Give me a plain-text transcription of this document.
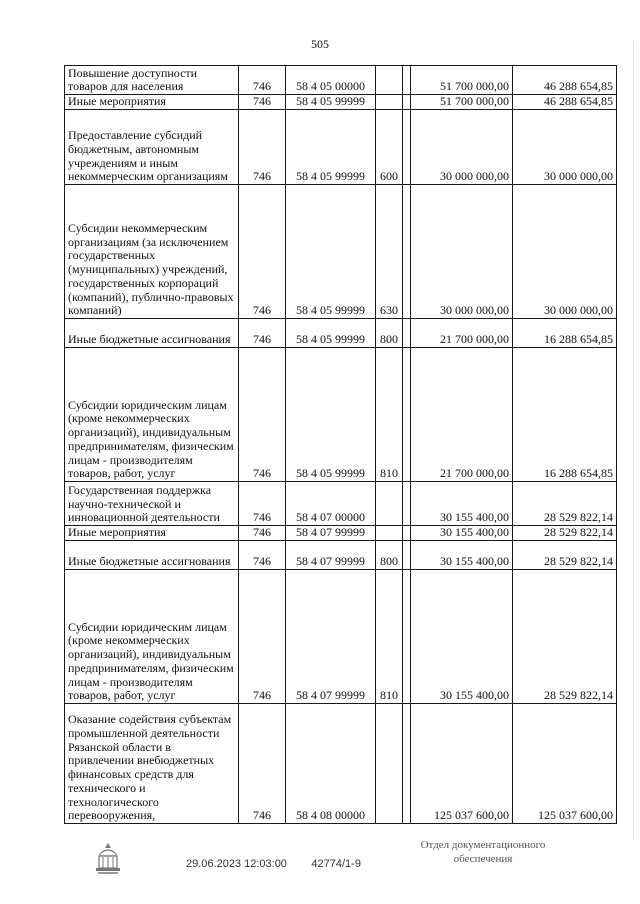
505
Повышение доступности товаров для населения	746	58 4 05 00000			51 700 000,00	46 288 654,85
Иные мероприятия	746	58 4 05 99999			51 700 000,00	46 288 654,85
Предоставление субсидий бюджетным, автономным учреждениям и иным некоммерческим организациям	746	58 4 05 99999	600		30 000 000,00	30 000 000,00
Субсидии некоммерческим организациям (за исключением государственных (муниципальных) учреждений, государственных корпораций (компаний), публично-правовых компаний)	746	58 4 05 99999	630		30 000 000,00	30 000 000,00
Иные бюджетные ассигнования	746	58 4 05 99999	800		21 700 000,00	16 288 654,85
Субсидии юридическим лицам (кроме некоммерческих организаций), индивидуальным предпринимателям, физическим лицам - производителям товаров, работ, услуг	746	58 4 05 99999	810		21 700 000,00	16 288 654,85
Государственная поддержка научно-технической и инновационной деятельности	746	58 4 07 00000			30 155 400,00	28 529 822,14
Иные мероприятия	746	58 4 07 99999			30 155 400,00	28 529 822,14
Иные бюджетные ассигнования	746	58 4 07 99999	800		30 155 400,00	28 529 822,14
Субсидии юридическим лицам (кроме некоммерческих организаций), индивидуальным предпринимателям, физическим лицам - производителям товаров, работ, услуг	746	58 4 07 99999	810		30 155 400,00	28 529 822,14
Оказание содействия субъектам промышленной деятельности Рязанской области в привлечении внебюджетных финансовых средств для технического и технологического перевооружения,	746	58 4 08 00000			125 037 600,00	125 037 600,00
29.06.2023 12:03:00 42774/1-9
Отдел документационного
обеспечения
